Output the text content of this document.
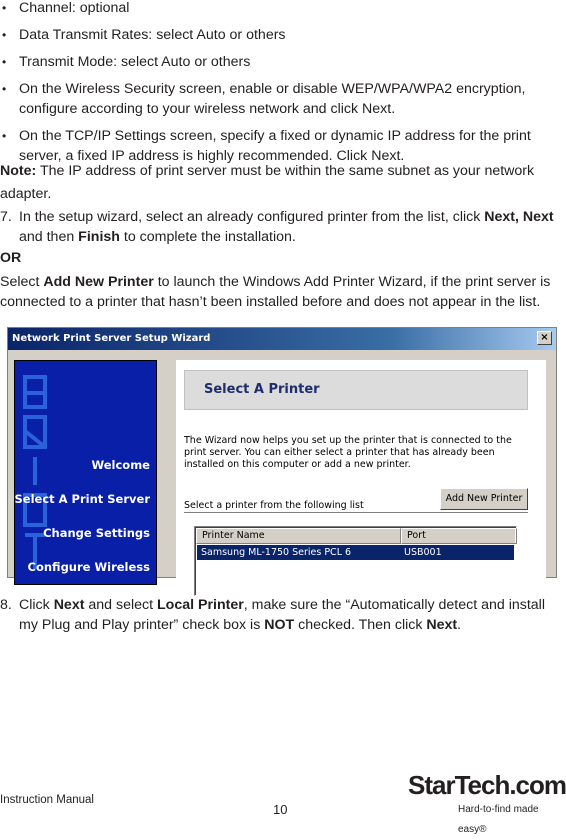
• Channel: optional
• Data Transmit Rates: select Auto or others
• Transmit Mode: select Auto or others
• On the Wireless Security screen, enable or disable WEP/WPA/WPA2 encryption, configure according to your wireless network and click Next.
• On the TCP/IP Settings screen, specify a fixed or dynamic IP address for the print server, a fixed IP address is highly recommended. Click Next.

Note: The IP address of print server must be within the same subnet as your network adapter.

7. In the setup wizard, select an already configured printer from the list, click Next, Next and then Finish to complete the installation.

OR

Select Add New Printer to launch the Windows Add Printer Wizard, if the print server is connected to a printer that hasn’t been installed before and does not appear in the list.

Network Print Server Setup Wizard	×
Welcome
Select A Print Server
Change Settings
Configure Wireless
Select A Printer
The Wizard now helps you set up the printer that is connected to the print server. You can either select a printer that has already been installed on this computer or add a new printer.
Select a printer from the following list
Add New Printer
Printer Name	Port
Samsung ML-1750 Series PCL 6	USB001

8. Click Next and select Local Printer, make sure the “Automatically detect and install my Plug and Play printer” check box is NOT checked. Then click Next.

Instruction Manual
10
StarTech.com
Hard-to-find made easy®
